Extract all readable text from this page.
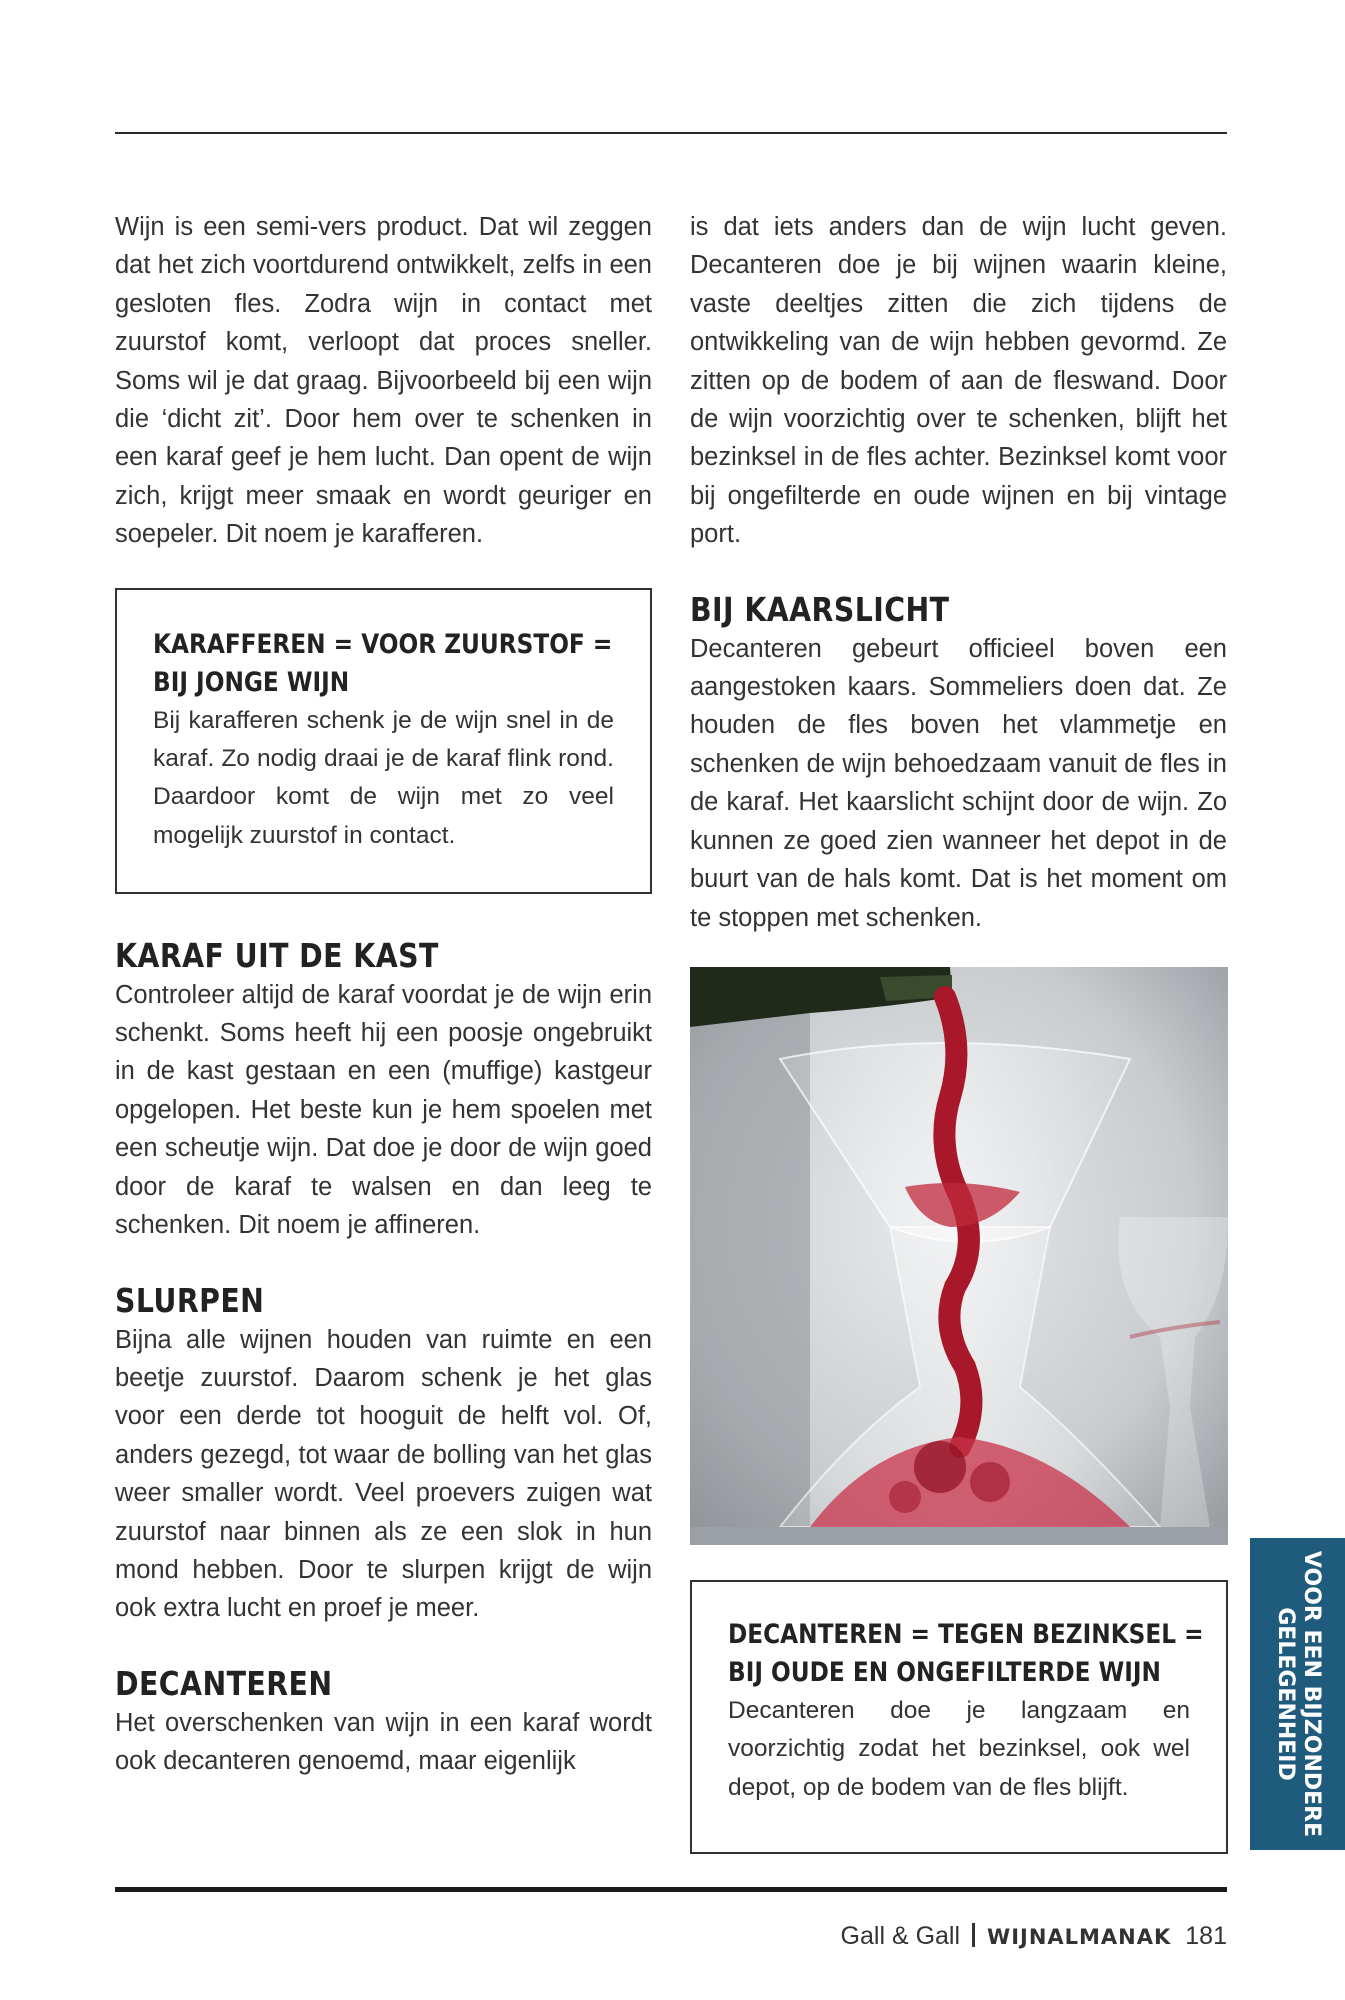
Wijn is een semi-vers product. Dat wil zeggen dat het zich voortdurend ontwikkelt, zelfs in een gesloten fles. Zodra wijn in contact met zuurstof komt, verloopt dat proces sneller. Soms wil je dat graag. Bijvoorbeeld bij een wijn die ‘dicht zit’. Door hem over te schenken in een karaf geef je hem lucht. Dan opent de wijn zich, krijgt meer smaak en wordt geuriger en soepeler. Dit noem je karafferen.

KARAFFEREN = VOOR ZUURSTOF =
BIJ JONGE WIJN

Bij karafferen schenk je de wijn snel in de karaf. Zo nodig draai je de karaf flink rond. Daardoor komt de wijn met zo veel mogelijk zuurstof in contact.

KARAF UIT DE KAST

Controleer altijd de karaf voordat je de wijn erin schenkt. Soms heeft hij een poosje ongebruikt in de kast gestaan en een (muffige) kastgeur opgelopen. Het beste kun je hem spoelen met een scheutje wijn. Dat doe je door de wijn goed door de karaf te walsen en dan leeg te schenken. Dit noem je affineren.

SLURPEN

Bijna alle wijnen houden van ruimte en een beetje zuurstof. Daarom schenk je het glas voor een derde tot hooguit de helft vol. Of, anders gezegd, tot waar de bolling van het glas weer smaller wordt. Veel proevers zuigen wat zuurstof naar binnen als ze een slok in hun mond hebben. Door te slurpen krijgt de wijn ook extra lucht en proef je meer.

DECANTEREN

Het overschenken van wijn in een karaf wordt ook decanteren genoemd, maar eigenlijk

is dat iets anders dan de wijn lucht geven. Decanteren doe je bij wijnen waarin kleine, vaste deeltjes zitten die zich tijdens de ontwikkeling van de wijn hebben gevormd. Ze zitten op de bodem of aan de fleswand. Door de wijn voorzichtig over te schenken, blijft het bezinksel in de fles achter. Bezinksel komt voor bij ongefilterde en oude wijnen en bij vintage port.

BIJ KAARSLICHT

Decanteren gebeurt officieel boven een aangestoken kaars. Sommeliers doen dat. Ze houden de fles boven het vlammetje en schenken de wijn behoedzaam vanuit de fles in de karaf. Het kaarslicht schijnt door de wijn. Zo kunnen ze goed zien wanneer het depot in de buurt van de hals komt. Dat is het moment om te stoppen met schenken.

DECANTEREN = TEGEN BEZINKSEL =
BIJ OUDE EN ONGEFILTERDE WIJN

Decanteren doe je langzaam en voorzichtig zodat het bezinksel, ook wel depot, op de bodem van de fles blijft.	VOOR EEN BIJZONDERE
GELEGENHEID
Gall & Gall WIJNALMANAK 181
